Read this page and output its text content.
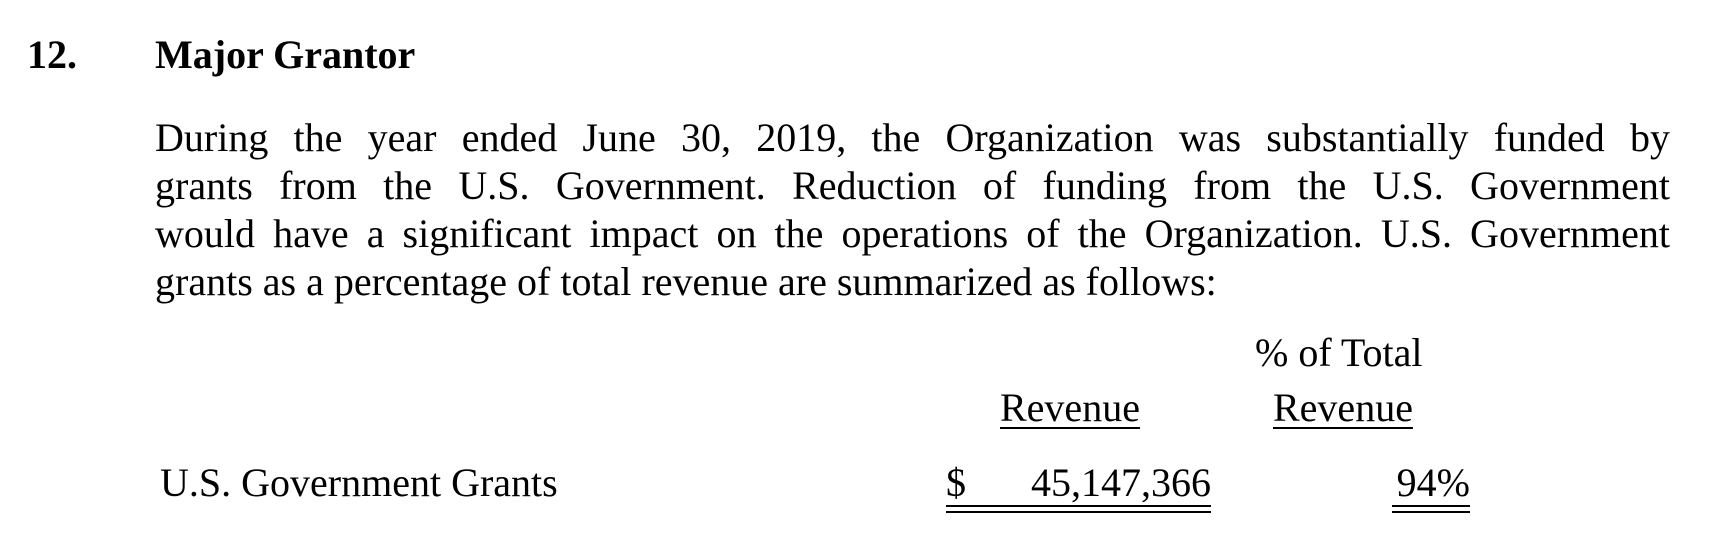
12. Major Grantor
During the year ended June 30, 2019, the Organization was substantially funded by
grants from the U.S. Government. Reduction of funding from the U.S. Government
would have a significant impact on the operations of the Organization. U.S. Government
grants as a percentage of total revenue are summarized as follows:
% of Total
Revenue	Revenue
U.S. Government Grants	$ 45,147,366	94%
